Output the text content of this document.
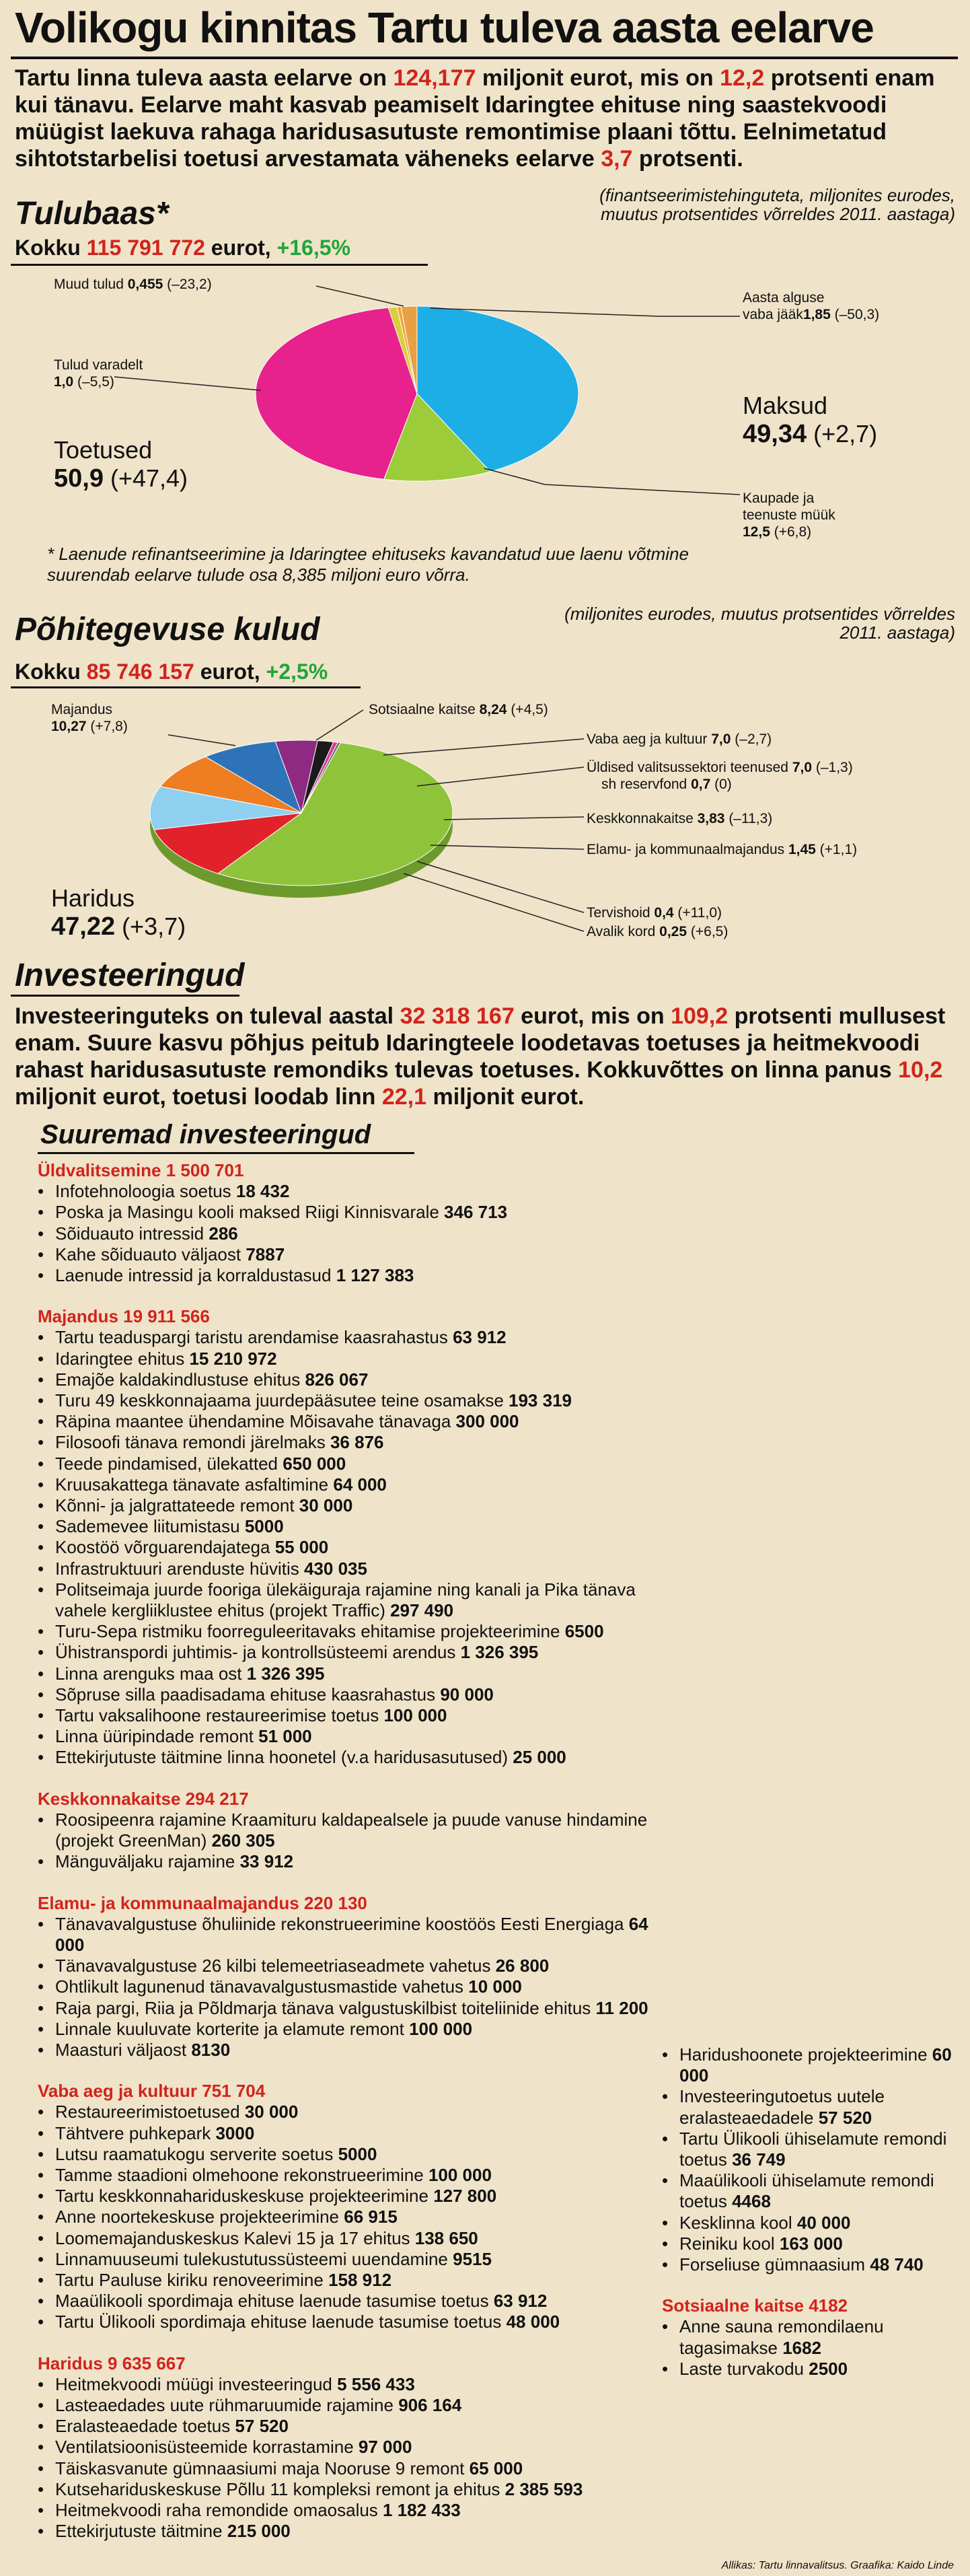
Volikogu kinnitas Tartu tuleva aasta eelarve
Tartu linna tuleva aasta eelarve on 124,177 miljonit eurot, mis on 12,2 protsenti enam kui tänavu. Eelarve maht kasvab peamiselt Idaringtee ehituse ning saastekvoodi müügist laekuva rahaga haridusasutuste remontimise plaani tõttu. Eelnimetatud sihtotstarbelisi toetusi arvestamata väheneks eelarve 3,7 protsenti.
Tulubaas*
(finantseerimistehinguteta, miljonites eurodes, muutus protsentides võrreldes 2011. aastaga)
Kokku 115 791 772 eurot, +16,5%
Muud tulud 0,455 (–23,2)
Tulud varadelt
1,0 (–5,5)
Toetused
50,9 (+47,4)
Aasta alguse
vaba jääk1,85 (–50,3)
Maksud
49,34 (+2,7)
Kaupade ja
teenuste müük
12,5 (+6,8)
* Laenude refinantseerimine ja Idaringtee ehituseks kavandatud uue laenu võtmine suurendab eelarve tulude osa 8,385 miljoni euro võrra.
Põhitegevuse kulud	(miljonites eurodes, muutus protsentides võrreldes 2011. aastaga)
Kokku 85 746 157 eurot, +2,5%
Majandus
10,27 (+7,8)
Sotsiaalne kaitse 8,24 (+4,5)
Vaba aeg ja kultuur 7,0 (–2,7)
Üldised valitsussektori teenused 7,0 (–1,3)
sh reservfond 0,7 (0)
Keskkonnakaitse 3,83 (–11,3)
Elamu- ja kommunaalmajandus 1,45 (+1,1)
Haridus
47,22 (+3,7)	Tervishoid 0,4 (+11,0)
Avalik kord 0,25 (+6,5)
Investeeringud
Investeeringuteks on tuleval aastal 32 318 167 eurot, mis on 109,2 protsenti mullusest enam. Suure kasvu põhjus peitub Idaringteele loodetavas toetuses ja heitmekvoodi rahast haridusasutuste remondiks tulevas toetuses. Kokkuvõttes on linna panus 10,2 miljonit eurot, toetusi loodab linn 22,1 miljonit eurot.
Suuremad investeeringud
Üldvalitsemine 1 500 701
• Infotehnoloogia soetus 18 432
• Poska ja Masingu kooli maksed Riigi Kinnisvarale 346 713
• Sõiduauto intressid 286
• Kahe sõiduauto väljaost 7887
• Laenude intressid ja korraldustasud 1 127 383
Majandus 19 911 566
• Tartu teaduspargi taristu arendamise kaasrahastus 63 912
• Idaringtee ehitus 15 210 972
• Emajõe kaldakindlustuse ehitus 826 067
• Turu 49 keskkonnajaama juurdepääsutee teine osamakse 193 319
• Räpina maantee ühendamine Mõisavahe tänavaga 300 000
• Filosoofi tänava remondi järelmaks 36 876
• Teede pindamised, ülekatted 650 000
• Kruusakattega tänavate asfaltimine 64 000
• Kõnni- ja jalgrattateede remont 30 000
• Sademevee liitumistasu 5000
• Koostöö võrguarendajatega 55 000
• Infrastruktuuri arenduste hüvitis 430 035
• Politseimaja juurde fooriga ülekäiguraja rajamine ning kanali ja Pika tänava vahele kergliiklustee ehitus (projekt Traffic) 297 490
• Turu-Sepa ristmiku foorreguleeritavaks ehitamise projekteerimine 6500
• Ühistranspordi juhtimis- ja kontrollsüsteemi arendus 1 326 395
• Linna arenguks maa ost 1 326 395
• Sõpruse silla paadisadama ehituse kaasrahastus 90 000
• Tartu vaksalihoone restaureerimise toetus 100 000
• Linna üüripindade remont 51 000
• Ettekirjutuste täitmine linna hoonetel (v.a haridusasutused) 25 000
Keskkonnakaitse 294 217
• Roosipeenra rajamine Kraamituru kaldapealsele ja puude vanuse hindamine (projekt GreenMan) 260 305
• Mänguväljaku rajamine 33 912
Elamu- ja kommunaalmajandus 220 130
• Tänavavalgustuse õhuliinide rekonstrueerimine koostöös Eesti Energiaga 64 000
• Tänavavalgustuse 26 kilbi telemeetriaseadmete vahetus 26 800
• Ohtlikult lagunenud tänavavalgustusmastide vahetus 10 000
• Raja pargi, Riia ja Põldmarja tänava valgustuskilbist toiteliinide ehitus 11 200
• Linnale kuuluvate korterite ja elamute remont 100 000
• Maasturi väljaost 8130
Vaba aeg ja kultuur 751 704
• Restaureerimistoetused 30 000
• Tähtvere puhkepark 3000
• Lutsu raamatukogu serverite soetus 5000
• Tamme staadioni olmehoone rekonstrueerimine 100 000
• Tartu keskkonnahariduskeskuse projekteerimine 127 800
• Anne noortekeskuse projekteerimine 66 915
• Loomemajanduskeskus Kalevi 15 ja 17 ehitus 138 650
• Linnamuuseumi tulekustutussüsteemi uuendamine 9515
• Tartu Pauluse kiriku renoveerimine 158 912
• Maaülikooli spordimaja ehituse laenude tasumise toetus 63 912
• Tartu Ülikooli spordimaja ehituse laenude tasumise toetus 48 000
Haridus 9 635 667
• Heitmekvoodi müügi investeeringud 5 556 433
• Lasteaedades uute rühmaruumide rajamine 906 164
• Eralasteaedade toetus 57 520
• Ventilatsioonisüsteemide korrastamine 97 000
• Täiskasvanute gümnaasiumi maja Nooruse 9 remont 65 000
• Kutsehariduskeskuse Põllu 11 kompleksi remont ja ehitus 2 385 593
• Heitmekvoodi raha remondide omaosalus 1 182 433
• Ettekirjutuste täitmine 215 000
• Haridushoonete projekteerimine 60 000
• Investeeringutoetus uutele eralasteaedadele 57 520
• Tartu Ülikooli ühiselamute remondi toetus 36 749
• Maaülikooli ühiselamute remondi toetus 4468
• Kesklinna kool 40 000
• Reiniku kool 163 000
• Forseliuse gümnaasium 48 740
Sotsiaalne kaitse 4182
• Anne sauna remondilaenu tagasimakse 1682
• Laste turvakodu 2500
Allikas: Tartu linnavalitsus. Graafika: Kaido Linde
